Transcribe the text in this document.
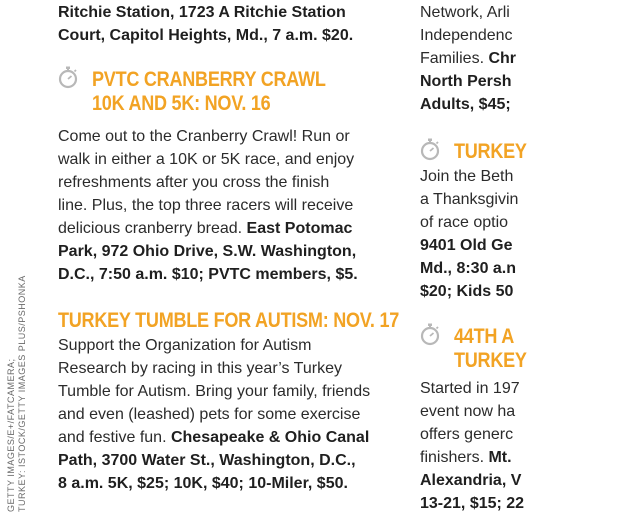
GETTY IMAGES/E+/FATCAMERA; TURKEY: ISTOCK/GETTY IMAGES PLUS/PSHONKA

Ritchie Station, 1723 A Ritchie Station
Court, Capitol Heights, Md., 7 a.m. $20.

PVTC CRANBERRY CRAWL
10K AND 5K: NOV. 16

Come out to the Cranberry Crawl! Run or
walk in either a 10K or 5K race, and enjoy
refreshments after you cross the finish
line. Plus, the top three racers will receive
delicious cranberry bread. East Potomac
Park, 972 Ohio Drive, S.W. Washington,
D.C., 7:50 a.m. $10; PVTC members, $5.

TURKEY TUMBLE FOR AUTISM: NOV. 17

Support the Organization for Autism
Research by racing in this year’s Turkey
Tumble for Autism. Bring your family, friends
and even (leashed) pets for some exercise
and festive fun. Chesapeake & Ohio Canal
Path, 3700 Water St., Washington, D.C.,
8 a.m. 5K, $25; 10K, $40; 10-Miler, $50.

Network, Arli
Independenc
Families. Chr
North Persh
Adults, $45;

TURKEY

Join the Beth
a Thanksgivin
of race optio
9401 Old Ge
Md., 8:30 a.n
$20; Kids 50

44TH A
TURKEY

Started in 197
event now ha
offers generc
finishers. Mt.
Alexandria, V
13-21, $15; 22
